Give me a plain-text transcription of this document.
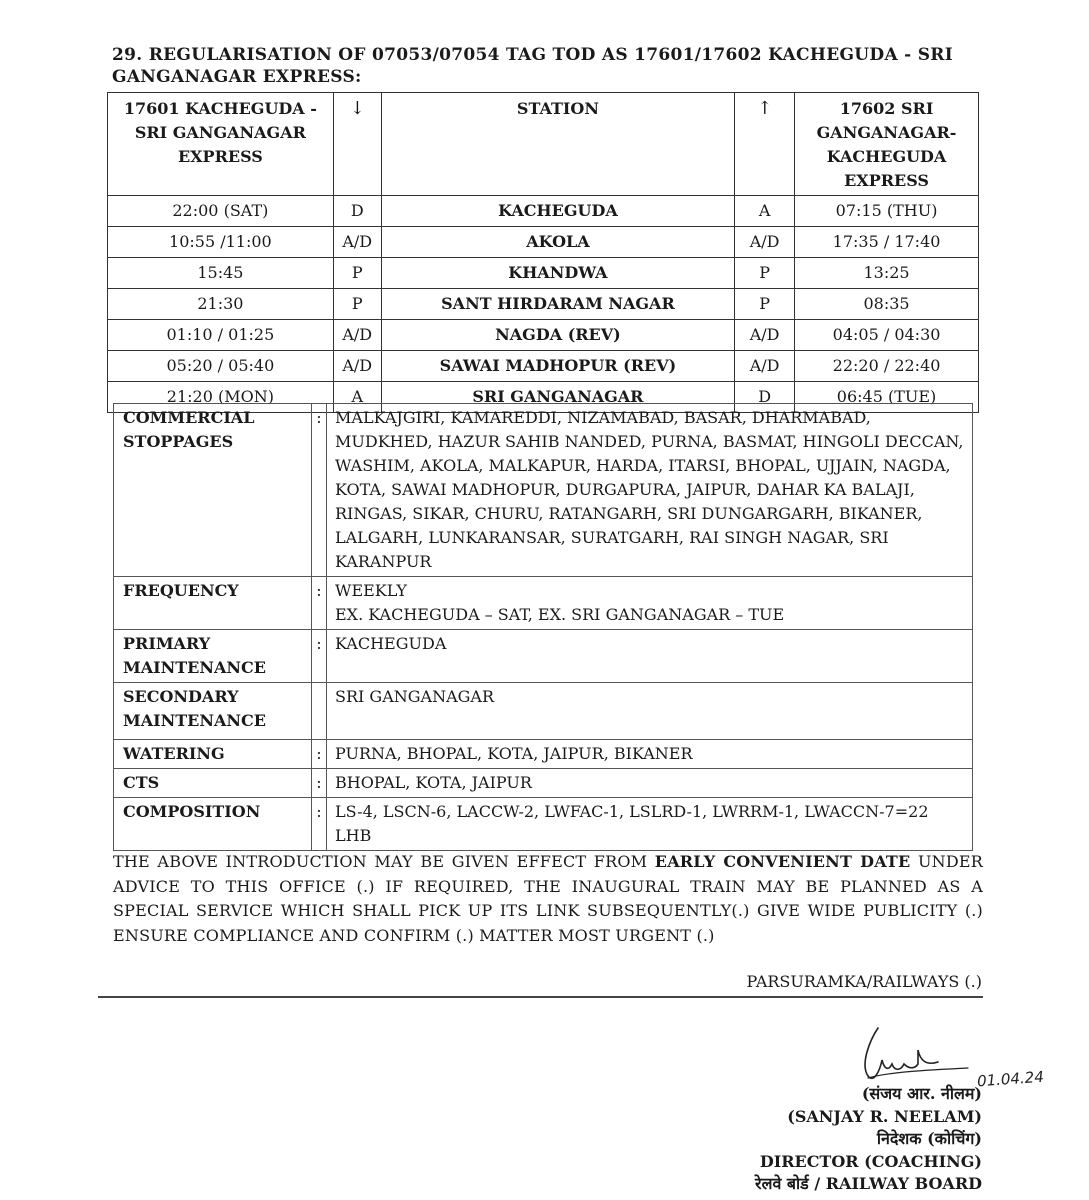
29. REGULARISATION OF 07053/07054 TAG TOD AS 17601/17602 KACHEGUDA - SRI GANGANAGAR EXPRESS:
17601 KACHEGUDA - SRI GANGANAGAR EXPRESS	↓	STATION	↑	17602 SRI GANGANAGAR-KACHEGUDA EXPRESS
22:00 (SAT)	D	KACHEGUDA	A	07:15 (THU)
10:55 /11:00	A/D	AKOLA	A/D	17:35 / 17:40
15:45	P	KHANDWA	P	13:25
21:30	P	SANT HIRDARAM NAGAR	P	08:35
01:10 / 01:25	A/D	NAGDA (REV)	A/D	04:05 / 04:30
05:20 / 05:40	A/D	SAWAI MADHOPUR (REV)	A/D	22:20 / 22:40
21:20 (MON)	A	SRI GANGANAGAR	D	06:45 (TUE)
COMMERCIAL STOPPAGES	:	MALKAJGIRI, KAMAREDDI, NIZAMABAD, BASAR, DHARMABAD, MUDKHED, HAZUR SAHIB NANDED, PURNA, BASMAT, HINGOLI DECCAN, WASHIM, AKOLA, MALKAPUR, HARDA, ITARSI, BHOPAL, UJJAIN, NAGDA, KOTA, SAWAI MADHOPUR, DURGAPURA, JAIPUR, DAHAR KA BALAJI, RINGAS, SIKAR, CHURU, RATANGARH, SRI DUNGARGARH, BIKANER, LALGARH, LUNKARANSAR, SURATGARH, RAI SINGH NAGAR, SRI KARANPUR
FREQUENCY	:	WEEKLY
EX. KACHEGUDA – SAT, EX. SRI GANGANAGAR – TUE

PRIMARY MAINTENANCE	:	KACHEGUDA
SECONDARY MAINTENANCE		SRI GANGANAGAR
WATERING	:	PURNA, BHOPAL, KOTA, JAIPUR, BIKANER
CTS	:	BHOPAL, KOTA, JAIPUR
COMPOSITION	:	LS-4, LSCN-6, LACCW-2, LWFAC-1, LSLRD-1, LWRRM-1, LWACCN-7=22 LHB
THE ABOVE INTRODUCTION MAY BE GIVEN EFFECT FROM EARLY CONVENIENT DATE UNDER ADVICE TO THIS OFFICE (.) IF REQUIRED, THE INAUGURAL TRAIN MAY BE PLANNED AS A SPECIAL SERVICE WHICH SHALL PICK UP ITS LINK SUBSEQUENTLY(.) GIVE WIDE PUBLICITY (.) ENSURE COMPLIANCE AND CONFIRM (.) MATTER MOST URGENT (.)
PARSURAMKA/RAILWAYS (.)
01.04.24
(संजय आर. नीलम)
(SANJAY R. NEELAM)
निदेशक (कोचिंग)
DIRECTOR (COACHING)
रेलवे बोर्ड / RAILWAY BOARD
